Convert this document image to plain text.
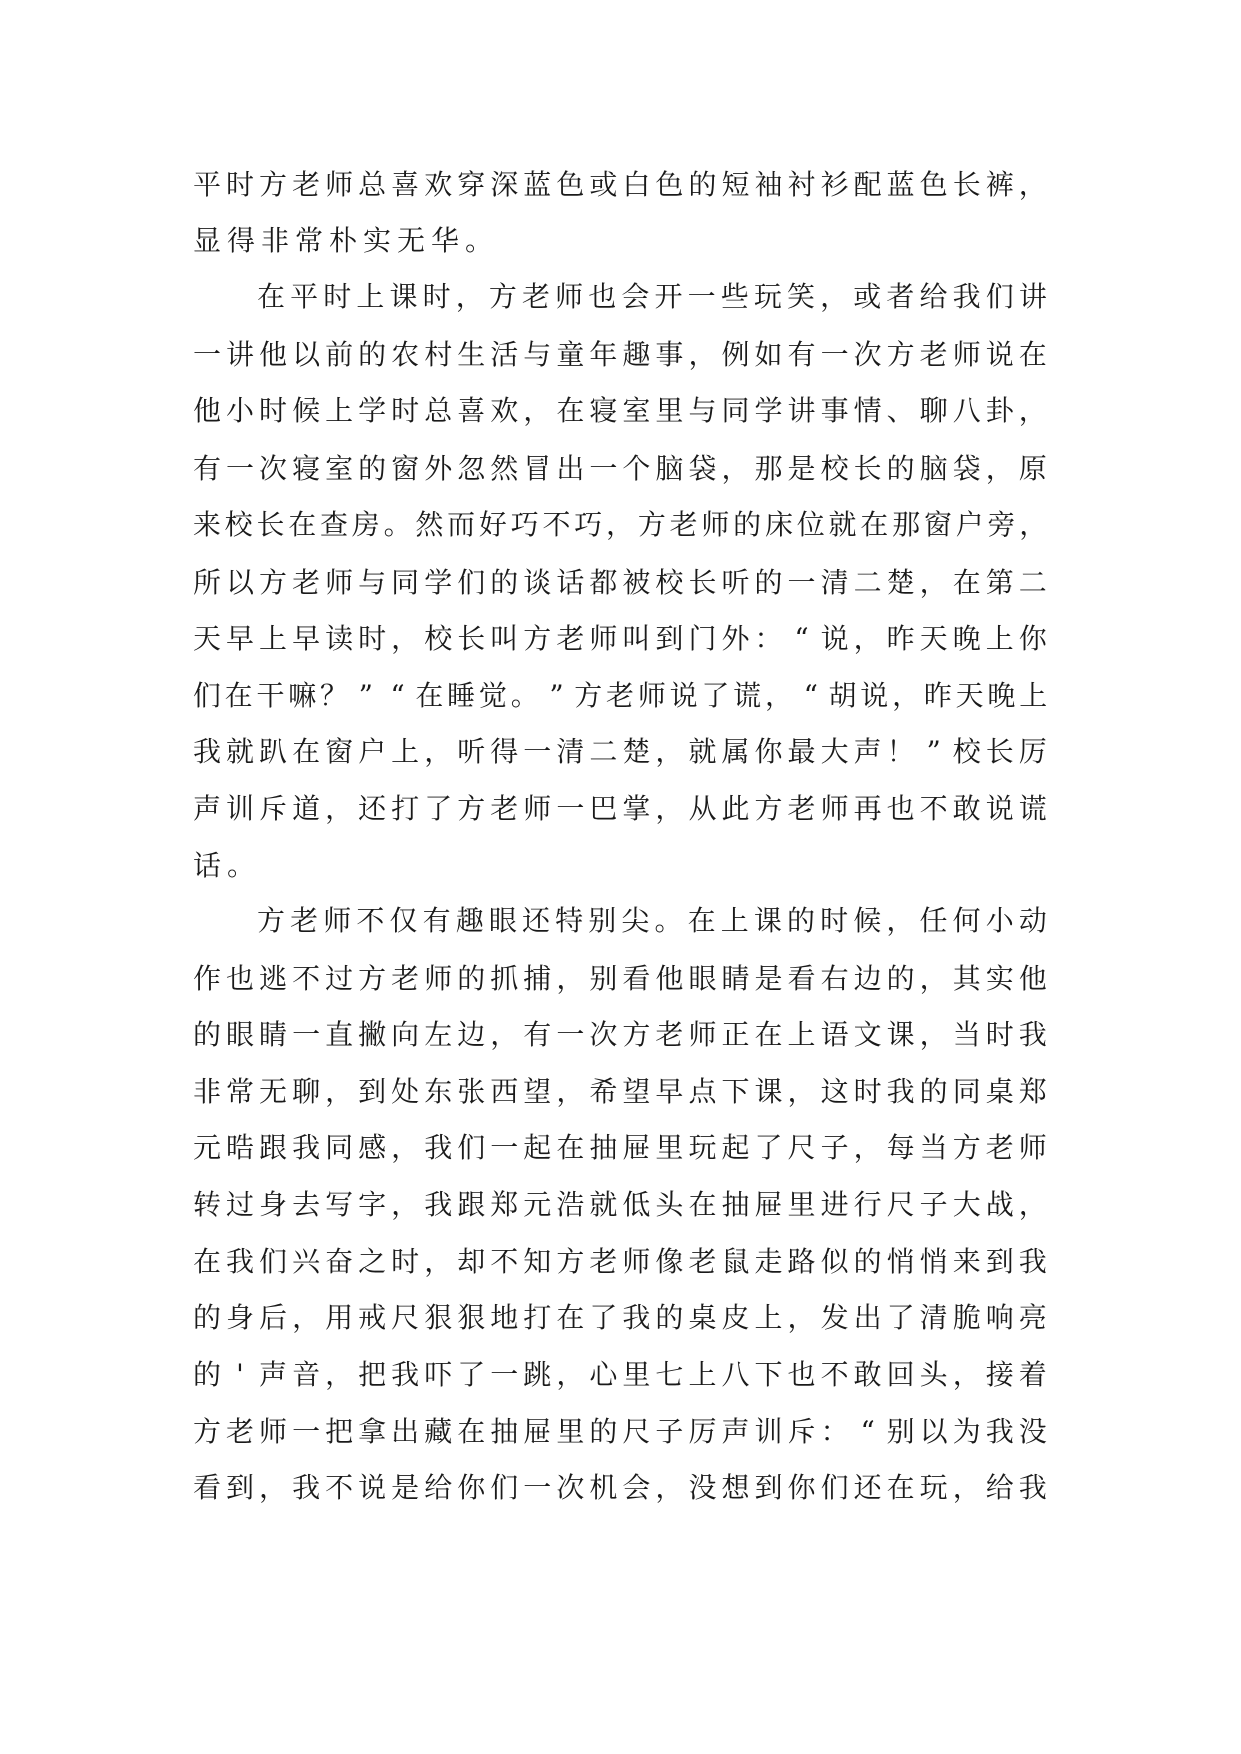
平 时 方 老 师 总 喜 欢 穿 深 蓝 色 或 白 色 的 短 袖 衬 衫 配 蓝 色 长 裤 ，
显 得 非 常 朴 实 无 华 。
在 平 时 上 课 时 ， 方 老 师 也 会 开 一 些 玩 笑 ， 或 者 给 我 们 讲
一 讲 他 以 前 的 农 村 生 活 与 童 年 趣 事 ， 例 如 有 一 次 方 老 师 说 在
他 小 时 候 上 学 时 总 喜 欢 ， 在 寝 室 里 与 同 学 讲 事 情 、 聊 八 卦 ，
有 一 次 寝 室 的 窗 外 忽 然 冒 出 一 个 脑 袋 ， 那 是 校 长 的 脑 袋 ， 原
来 校 长 在 查 房 。 然 而 好 巧 不 巧 ， 方 老 师 的 床 位 就 在 那 窗 户 旁 ，
所 以 方 老 师 与 同 学 们 的 谈 话 都 被 校 长 听 的 一 清 二 楚 ， 在 第 二
天 早 上 早 读 时 ， 校 长 叫 方 老 师 叫 到 门 外 ： “ 说 ， 昨 天 晚 上 你
们 在 干 嘛 ？ ” “ 在 睡 觉 。 ” 方 老 师 说 了 谎 ， “ 胡 说 ， 昨 天 晚 上
我 就 趴 在 窗 户 上 ， 听 得 一 清 二 楚 ， 就 属 你 最 大 声 ！ ” 校 长 厉
声 训 斥 道 ， 还 打 了 方 老 师 一 巴 掌 ， 从 此 方 老 师 再 也 不 敢 说 谎
话 。
方 老 师 不 仅 有 趣 眼 还 特 别 尖 。 在 上 课 的 时 候 ， 任 何 小 动
作 也 逃 不 过 方 老 师 的 抓 捕 ， 别 看 他 眼 睛 是 看 右 边 的 ， 其 实 他
的 眼 睛 一 直 撇 向 左 边 ， 有 一 次 方 老 师 正 在 上 语 文 课 ， 当 时 我
非 常 无 聊 ， 到 处 东 张 西 望 ， 希 望 早 点 下 课 ， 这 时 我 的 同 桌 郑
元 晧 跟 我 同 感 ， 我 们 一 起 在 抽 屉 里 玩 起 了 尺 子 ， 每 当 方 老 师
转 过 身 去 写 字 ， 我 跟 郑 元 浩 就 低 头 在 抽 屉 里 进 行 尺 子 大 战 ，
在 我 们 兴 奋 之 时 ， 却 不 知 方 老 师 像 老 鼠 走 路 似 的 悄 悄 来 到 我
的 身 后 ， 用 戒 尺 狠 狠 地 打 在 了 我 的 桌 皮 上 ， 发 出 了 清 脆 响 亮
的 ' 声 音 ， 把 我 吓 了 一 跳 ， 心 里 七 上 八 下 也 不 敢 回 头 ， 接 着
方 老 师 一 把 拿 出 藏 在 抽 屉 里 的 尺 子 厉 声 训 斥 ： “ 别 以 为 我 没
看 到 ， 我 不 说 是 给 你 们 一 次 机 会 ， 没 想 到 你 们 还 在 玩 ， 给 我
